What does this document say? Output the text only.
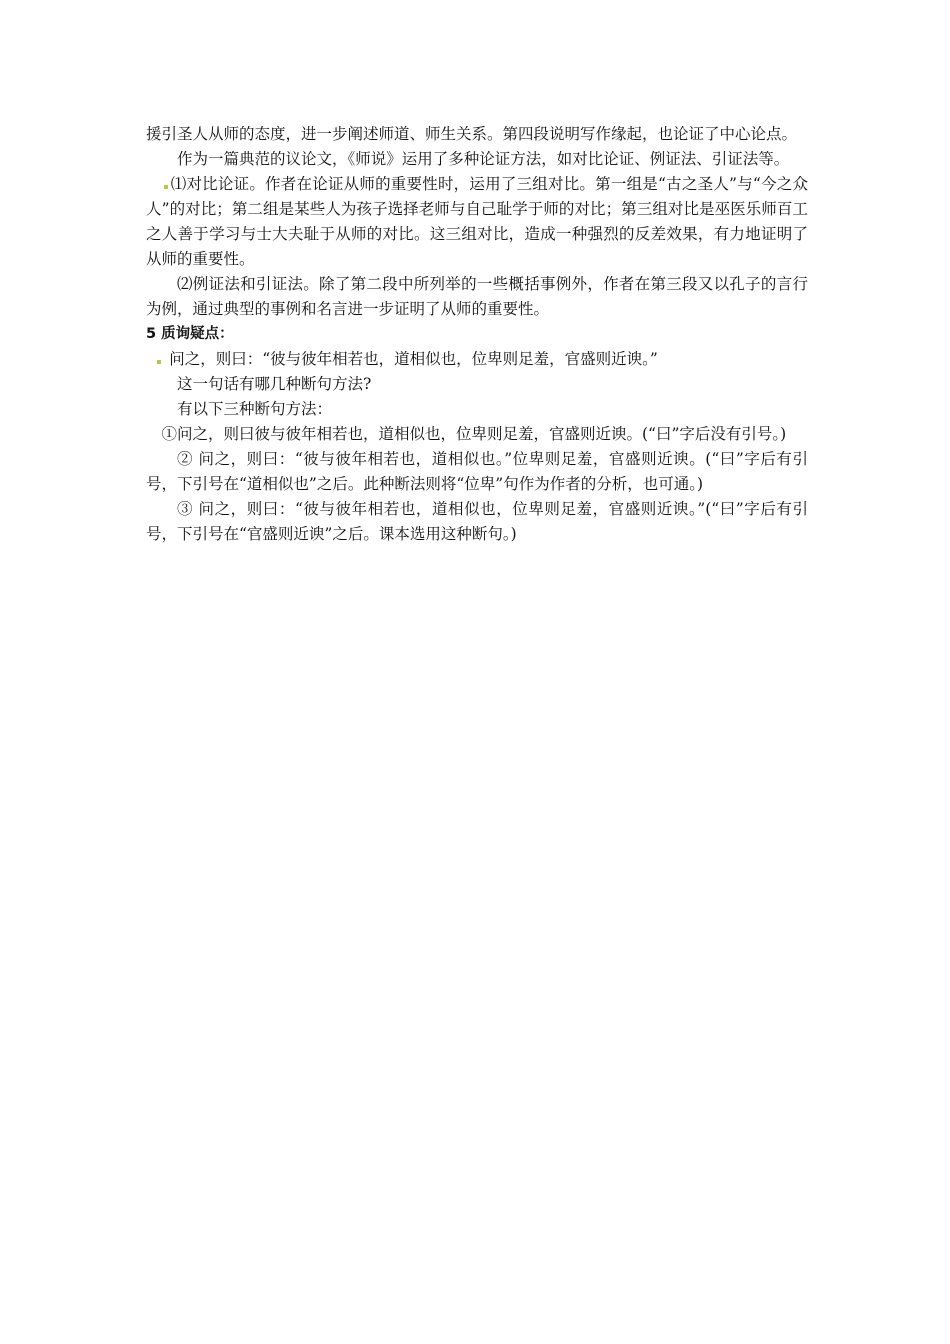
援引圣人从师的态度，进一步阐述师道、师生关系。第四段说明写作缘起，也论证了中心论点。

作为一篇典范的议论文，《师说》运用了多种论证方法，如对比论证、例证法、引证法等。

⑴对比论证。作者在论证从师的重要性时，运用了三组对比。第一组是“古之圣人”与“今之众人”的对比；第二组是某些人为孩子选择老师与自己耻学于师的对比；第三组对比是巫医乐师百工之人善于学习与士大夫耻于从师的对比。这三组对比，造成一种强烈的反差效果，有力地证明了从师的重要性。

⑵例证法和引证法。除了第二段中所列举的一些概括事例外，作者在第三段又以孔子的言行为例，通过典型的事例和名言进一步证明了从师的重要性。

5 质询疑点：

问之，则曰：“彼与彼年相若也，道相似也，位卑则足羞，官盛则近谀。”

这一句话有哪几种断句方法?

有以下三种断句方法：

①问之，则曰彼与彼年相若也，道相似也，位卑则足羞，官盛则近谀。(“曰”字后没有引号。)

② 问之，则曰：“彼与彼年相若也，道相似也。”位卑则足羞，官盛则近谀。(“曰”字后有引号，下引号在“道相似也”之后。此种断法则将“位卑”句作为作者的分析，也可通。)

③ 问之，则曰：“彼与彼年相若也，道相似也，位卑则足羞，官盛则近谀。”(“曰”字后有引号，下引号在“官盛则近谀”之后。课本选用这种断句。)
